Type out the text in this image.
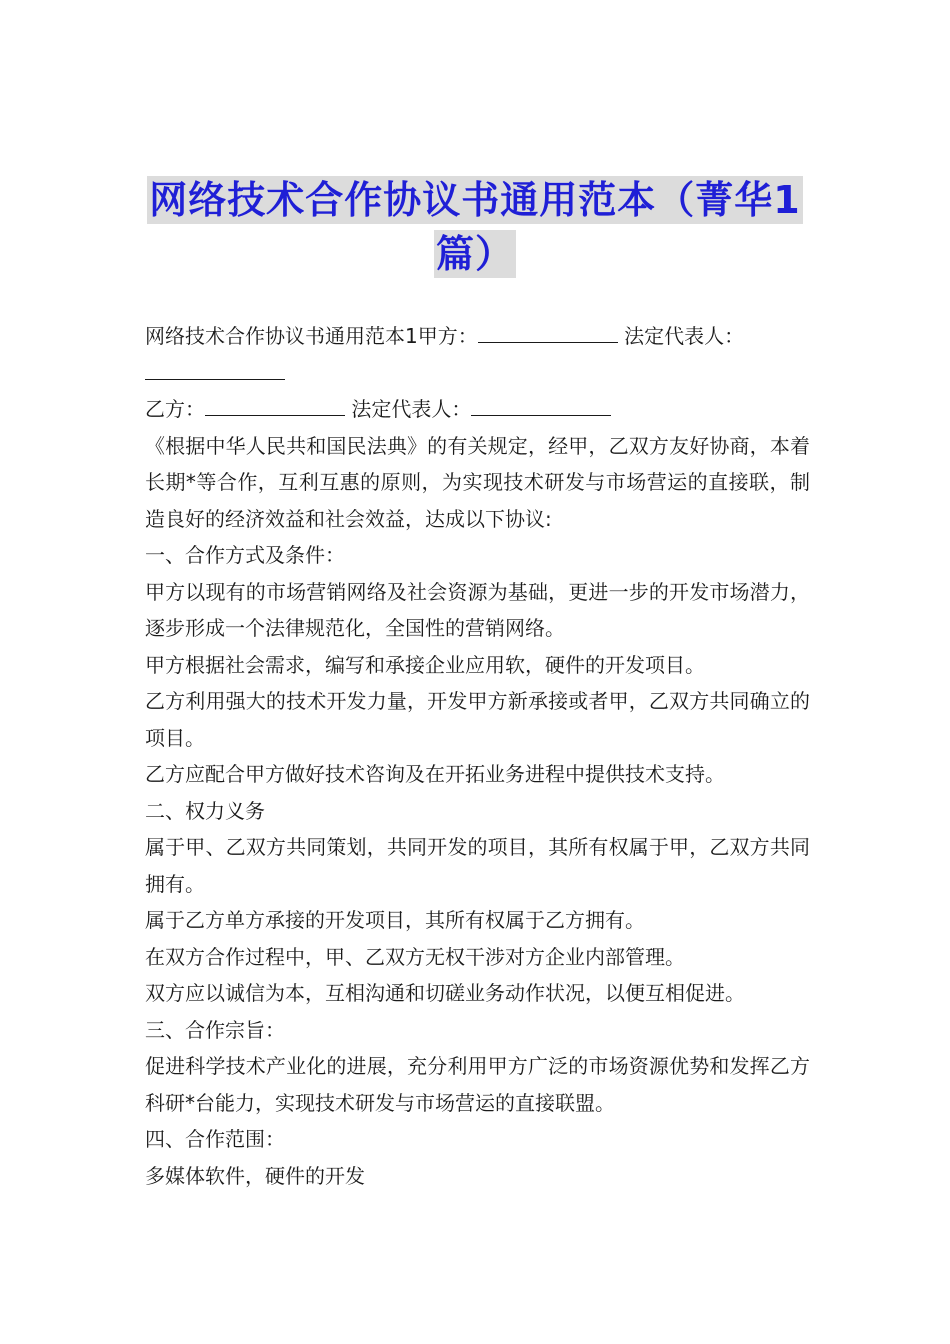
网络技术合作协议书通用范本（菁华1
篇）

网络技术合作协议书通用范本1甲方：	法定代表人：

乙方：	法定代表人：

《根据中华人民共和国民法典》的有关规定，经甲，乙双方友好协商，本着长期*等合作，互利互惠的原则，为实现技术研发与市场营运的直接联，制造良好的经济效益和社会效益，达成以下协议:

一、合作方式及条件：

甲方以现有的市场营销网络及社会资源为基础，更进一步的开发市场潜力，逐步形成一个法律规范化，全国性的营销网络。

甲方根据社会需求，编写和承接企业应用软，硬件的开发项目。

乙方利用强大的技术开发力量，开发甲方新承接或者甲，乙双方共同确立的项目。

乙方应配合甲方做好技术咨询及在开拓业务进程中提供技术支持。

二、权力义务

属于甲、乙双方共同策划，共同开发的项目，其所有权属于甲，乙双方共同拥有。

属于乙方单方承接的开发项目，其所有权属于乙方拥有。

在双方合作过程中，甲、乙双方无权干涉对方企业内部管理。

双方应以诚信为本，互相沟通和切磋业务动作状况，以便互相促进。

三、合作宗旨：

促进科学技术产业化的进展，充分利用甲方广泛的市场资源优势和发挥乙方科研*台能力，实现技术研发与市场营运的直接联盟。

四、合作范围：

多媒体软件，硬件的开发
